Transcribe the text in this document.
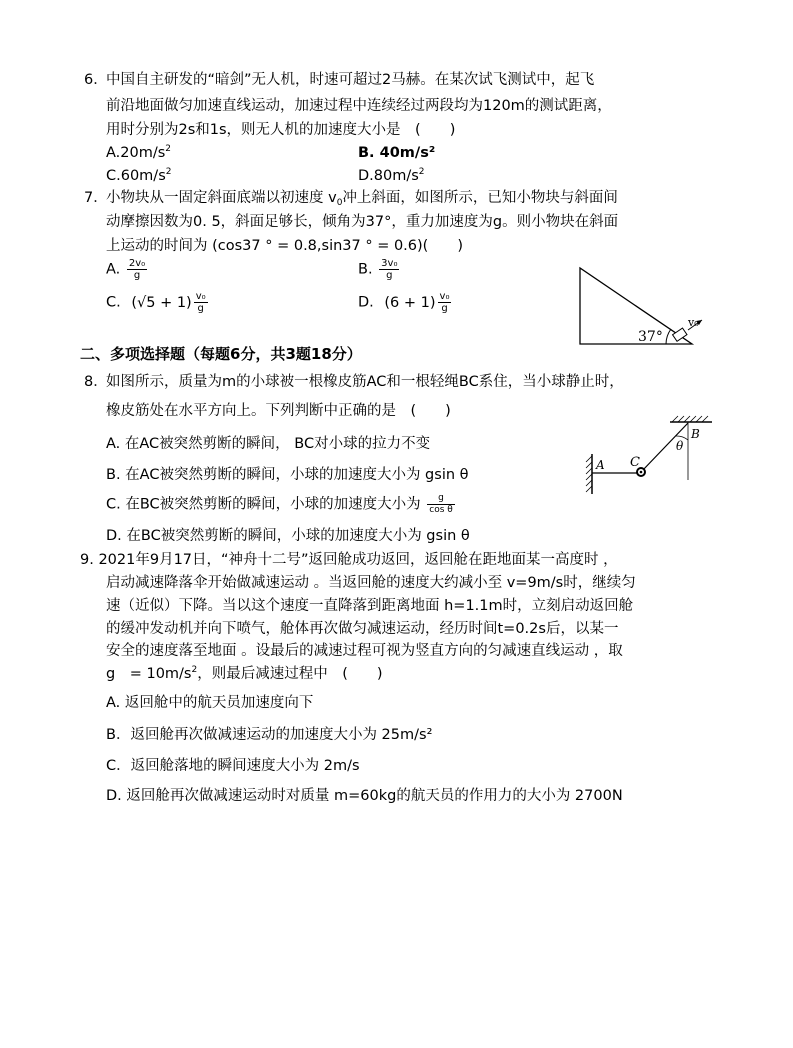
6．
中国自主研发的“暗剑”无人机，时速可超过2马赫。在某次试飞测试中，起飞
前沿地面做匀加速直线运动，加速过程中连续经过两段均为120m的测试距离，
用时分别为2s和1s，则无人机的加速度大小是　(　　)
$A.20m/s^2$	B. 40m/s²
$C.60m/s^2$	$D.80m/s^2$
7．
小物块从一固定斜面底端以初速度 $v_0$冲上斜面，如图所示，已知小物块与斜面间
动摩擦因数为0. 5，斜面足够长，倾角为37°，重力加速度为g。则小物块在斜面
上运动的时间为 (cos37 ° = 0.8,sin37 ° = 0.6)(　　)
A. $\frac{\text{2v₀}}{g}$	B. $\frac{\text{3v₀}}{g}$
C. $(√5 + 1) \frac{\text{v₀}}{g}$	D. $(6 + 1) \frac{\text{v₀}}{g}$
37°
v₀
二、多项选择题（每题6分，共3题18分）
8．
如图所示，质量为m的小球被一根橡皮筋AC和一根轻绳BC系住，当小球静止时，
橡皮筋处在水平方向上。下列判断中正确的是　(　　)
A. 在AC被突然剪断的瞬间， BC对小球的拉力不变
B. 在AC被突然剪断的瞬间，小球的加速度大小为 gsin θ
C. 在BC被突然剪断的瞬间，小球的加速度大小为 $\frac{g}{\text{cos θ}}$
D. 在BC被突然剪断的瞬间，小球的加速度大小为 gsin θ
A C
B
θ
9. 2021年9月17日，“神舟十二号”返回舱成功返回，返回舱在距地面某一高度时 ，
启动减速降落伞开始做减速运动 。当返回舱的速度大约减小至 v=9m/s时，继续匀
速（近似）下降。当以这个速度一直降落到距离地面 h=1.1m时，立刻启动返回舱
的缓冲发动机并向下喷气，舱体再次做匀减速运动，经历时间t=0.2s后，以某一
安全的速度落至地面 。设最后的减速过程可视为竖直方向的匀减速直线运动 ，取
g　= $10m/s^2$，则最后减速过程中　(　　)
A. 返回舱中的航天员加速度向下
B．返回舱再次做减速运动的加速度大小为 25m/s²
C．返回舱落地的瞬间速度大小为 2m/s
D. 返回舱再次做减速运动时对质量 m=60kg的航天员的作用力的大小为 2700N
